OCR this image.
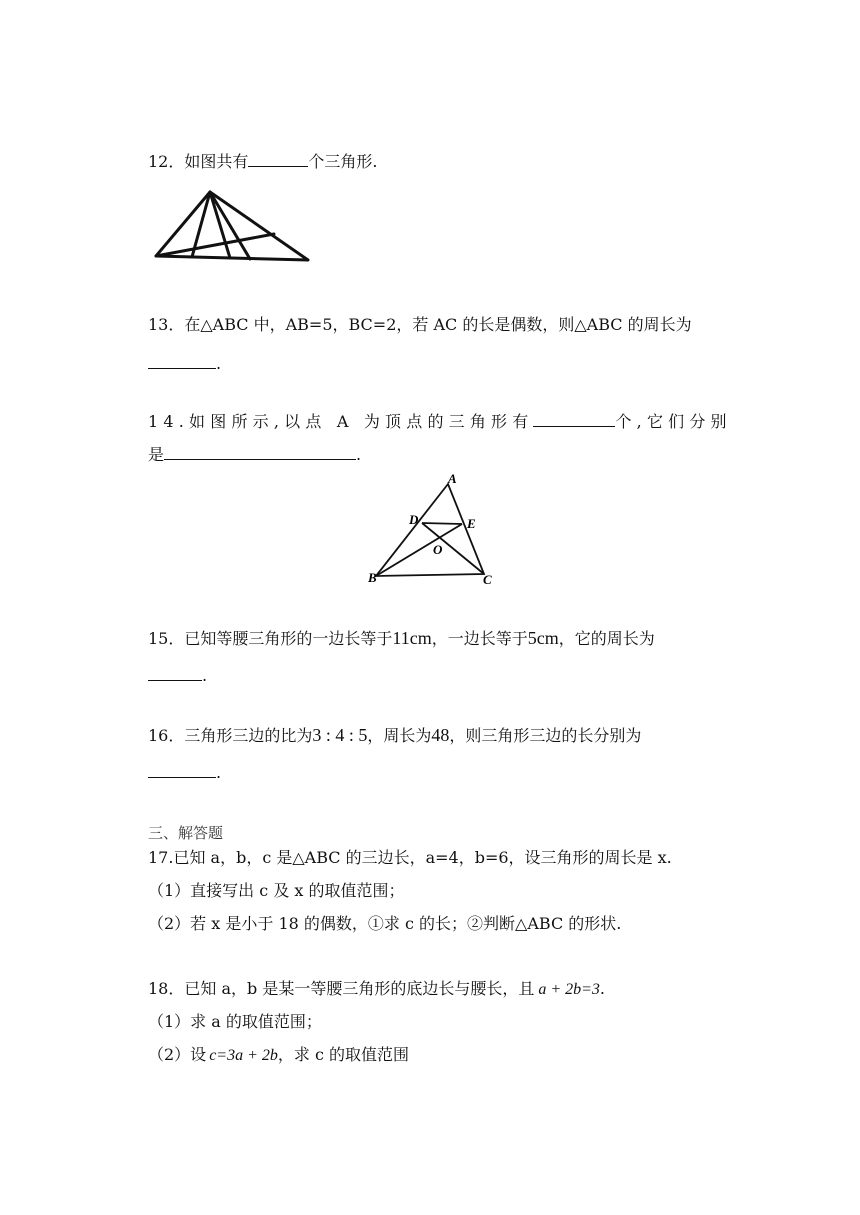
12．如图共有	个三角形.
13．在△ABC 中，AB=5，BC=2，若 AC 的长是偶数，则△ABC 的周长为
.
14.如图所示,以点 A 为顶点的三角形有	个,它们分别
是	.
A
B	C
D	E
O
15．已知等腰三角形的一边长等于11cm，一边长等于5cm，它的周长为
.
16．三角形三边的比为3 : 4 : 5，周长为48，则三角形三边的长分别为
.
三、解答题
17.已知 a，b，c 是△ABC 的三边长，a=4，b=6，设三角形的周长是 x.
（1）直接写出 c 及 x 的取值范围；
（2）若 x 是小于 18 的偶数，①求 c 的长；②判断△ABC 的形状.
18．已知 a，b 是某一等腰三角形的底边长与腰长，且 a + 2b=3.
（1）求 a 的取值范围；
（2）设 c=3a + 2b，求 c 的取值范围
